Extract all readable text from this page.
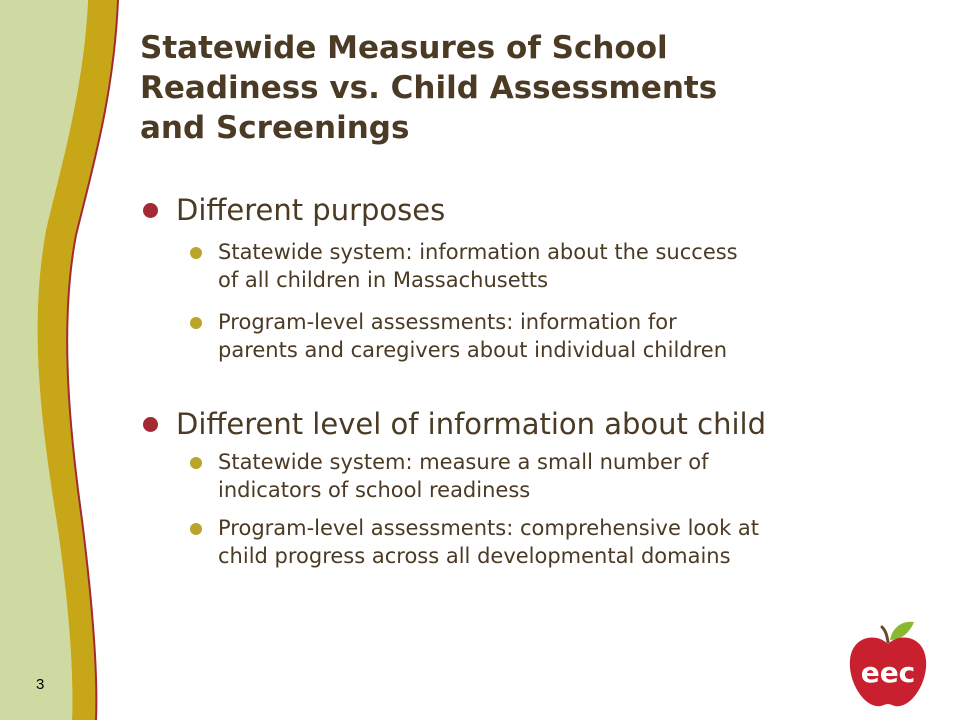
Statewide Measures of School
Readiness vs. Child Assessments
and Screenings
Different purposes
Statewide system: information about the success
of all children in Massachusetts
Program-level assessments: information for
parents and caregivers about individual children
Different level of information about child
Statewide system: measure a small number of
indicators of school readiness
Program-level assessments: comprehensive look at
child progress across all developmental domains
3	eec
